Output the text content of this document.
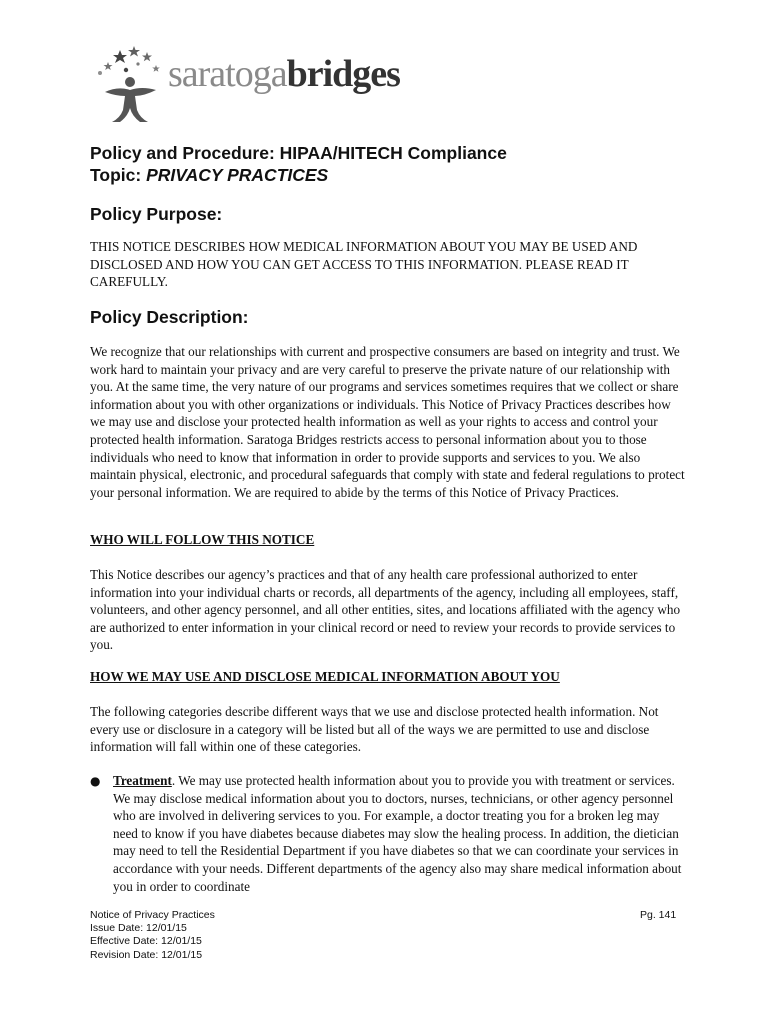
saratogabridges
Policy and Procedure: HIPAA/HITECH Compliance
Topic: PRIVACY PRACTICES
Policy Purpose:

THIS NOTICE DESCRIBES HOW MEDICAL INFORMATION ABOUT YOU MAY BE USED AND DISCLOSED AND HOW YOU CAN GET ACCESS TO THIS INFORMATION. PLEASE READ IT CAREFULLY.

Policy Description:

We recognize that our relationships with current and prospective consumers are based on integrity and trust. We work hard to maintain your privacy and are very careful to preserve the private nature of our relationship with you. At the same time, the very nature of our programs and services sometimes requires that we collect or share information about you with other organizations or individuals. This Notice of Privacy Practices describes how we may use and disclose your protected health information as well as your rights to access and control your protected health information. Saratoga Bridges restricts access to personal information about you to those individuals who need to know that information in order to provide supports and services to you. We also maintain physical, electronic, and procedural safeguards that comply with state and federal regulations to protect your personal information. We are required to abide by the terms of this Notice of Privacy Practices.

WHO WILL FOLLOW THIS NOTICE

This Notice describes our agency’s practices and that of any health care professional authorized to enter information into your individual charts or records, all departments of the agency, including all employees, staff, volunteers, and other agency personnel, and all other entities, sites, and locations affiliated with the agency who are authorized to enter information in your clinical record or need to review your records to provide services to you.

HOW WE MAY USE AND DISCLOSE MEDICAL INFORMATION ABOUT YOU

The following categories describe different ways that we use and disclose protected health information. Not every use or disclosure in a category will be listed but all of the ways we are permitted to use and disclose information will fall within one of these categories.

● Treatment. We may use protected health information about you to provide you with treatment or services. We may disclose medical information about you to doctors, nurses, technicians, or other agency personnel who are involved in delivering services to you. For example, a doctor treating you for a broken leg may need to know if you have diabetes because diabetes may slow the healing process. In addition, the dietician may need to tell the Residential Department if you have diabetes so that we can coordinate your services in accordance with your needs. Different departments of the agency also may share medical information about you in order to coordinate

Notice of Privacy Practices
Issue Date: 12/01/15
Effective Date: 12/01/15
Revision Date: 12/01/15
Pg. 141
